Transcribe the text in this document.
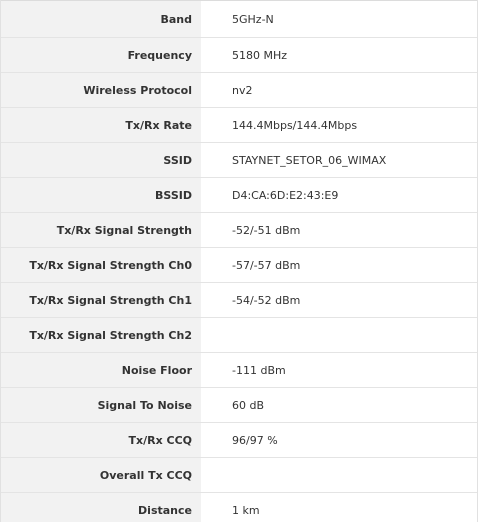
Band	5GHz-N
Frequency	5180 MHz
Wireless Protocol	nv2
Tx/Rx Rate	144.4Mbps/144.4Mbps
SSID	STAYNET_SETOR_06_WIMAX
BSSID	D4:CA:6D:E2:43:E9
Tx/Rx Signal Strength	-52/-51 dBm
Tx/Rx Signal Strength Ch0	-57/-57 dBm
Tx/Rx Signal Strength Ch1	-54/-52 dBm
Tx/Rx Signal Strength Ch2
Noise Floor	-111 dBm
Signal To Noise	60 dB
Tx/Rx CCQ	96/97 %
Overall Tx CCQ
Distance	1 km
